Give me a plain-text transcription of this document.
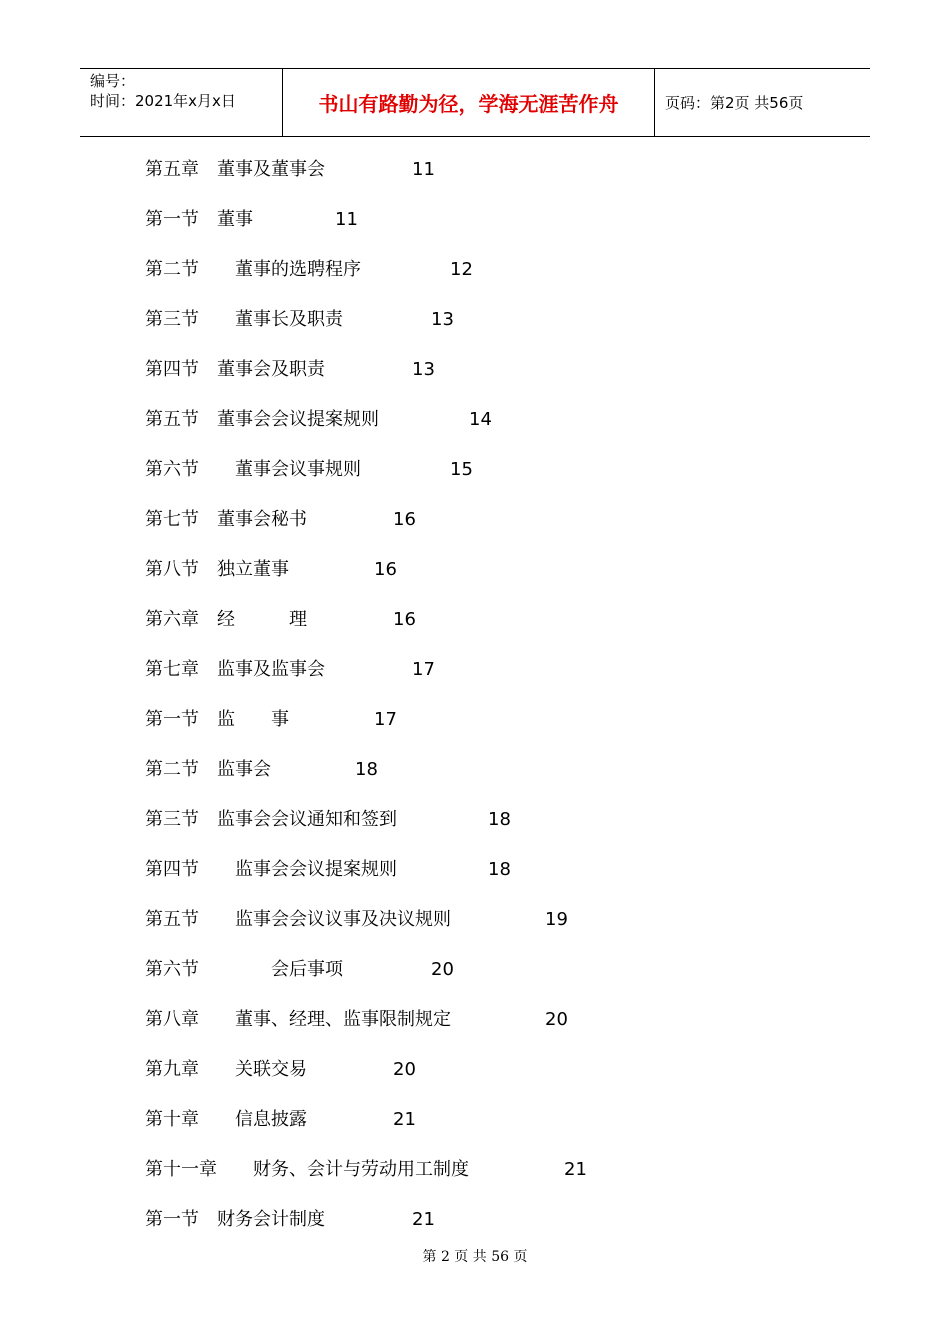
编号：
时间：2021年x月x日	书山有路勤为径，学海无涯苦作舟	页码：第2页 共56页
第五章　董事及董事会	11
第一节　董事	11
第二节　　董事的选聘程序	12
第三节　　董事长及职责	13
第四节　董事会及职责	13
第五节　董事会会议提案规则	14
第六节　　董事会议事规则	15
第七节　董事会秘书	16
第八节　独立董事	16
第六章　经　　　理	16
第七章　监事及监事会	17
第一节　监　　事	17
第二节　监事会	18
第三节　监事会会议通知和签到	18
第四节　　监事会会议提案规则	18
第五节　　监事会会议议事及决议规则	19
第六节　　　　会后事项	20
第八章　　董事、经理、监事限制规定	20
第九章　　关联交易	20
第十章　　信息披露	21
第十一章　　财务、会计与劳动用工制度	21
第一节　财务会计制度	21
第 2 页 共 56 页
